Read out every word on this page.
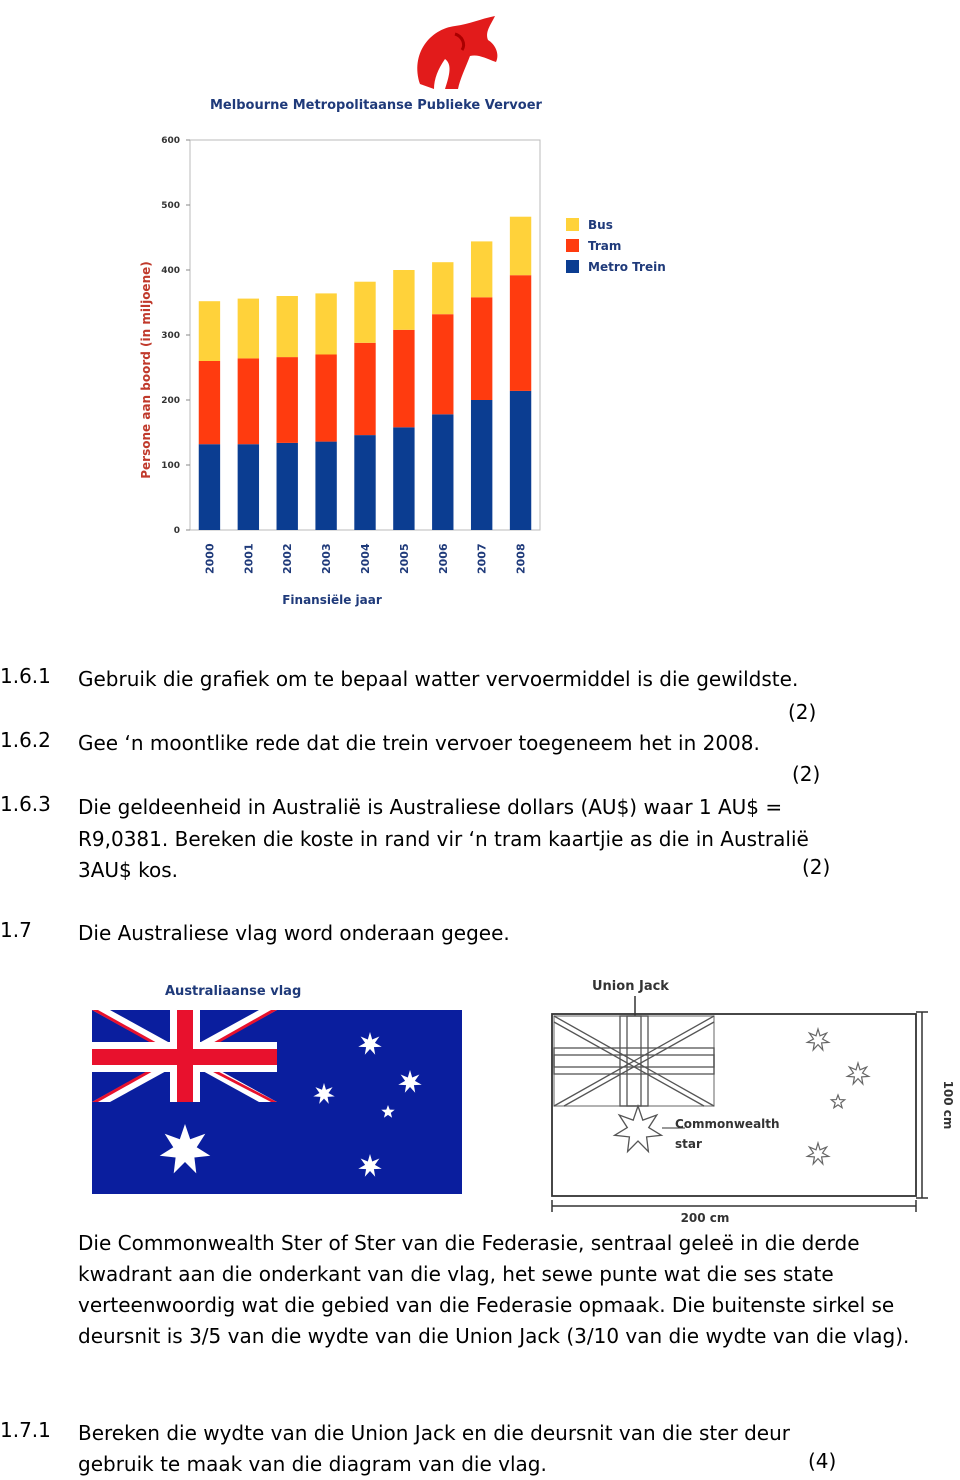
Melbourne Metropolitaanse Publieke Vervoer
0
100
200
300
400
500
600
2000 2001 2002 2003 2004 2005 2006 2007 2008
Bus
Tram
Metro Trein
Persone aan boord (in miljoene)
Finansiële jaar
1.6.1 Gebruik die grafiek om te bepaal watter vervoermiddel is die gewildste.
(2)
1.6.2 Gee ‘n moontlike rede dat die trein vervoer toegeneem het in 2008.
(2)
1.6.3 Die geldeenheid in Australië is Australiese dollars (AU$) waar 1 AU$ =
R9,0381. Bereken die koste in rand vir ‘n tram kaartjie as die in Australië
3AU$ kos.	(2)
1.7 Die Australiese vlag word onderaan gegee.
Australiaanse vlag	Union Jack
Commonwealth
star
100 cm
200 cm
Die Commonwealth Ster of Ster van die Federasie, sentraal geleë in die derde kwadrant aan die onderkant van die vlag, het sewe punte wat die ses state verteenwoordig wat die gebied van die Federasie opmaak. Die buitenste sirkel se deursnit is 3/5 van die wydte van die Union Jack (3/10 van die wydte van die vlag).
1.7.1 Bereken die wydte van die Union Jack en die deursnit van die ster deur
gebruik te maak van die diagram van die vlag.	(4)
